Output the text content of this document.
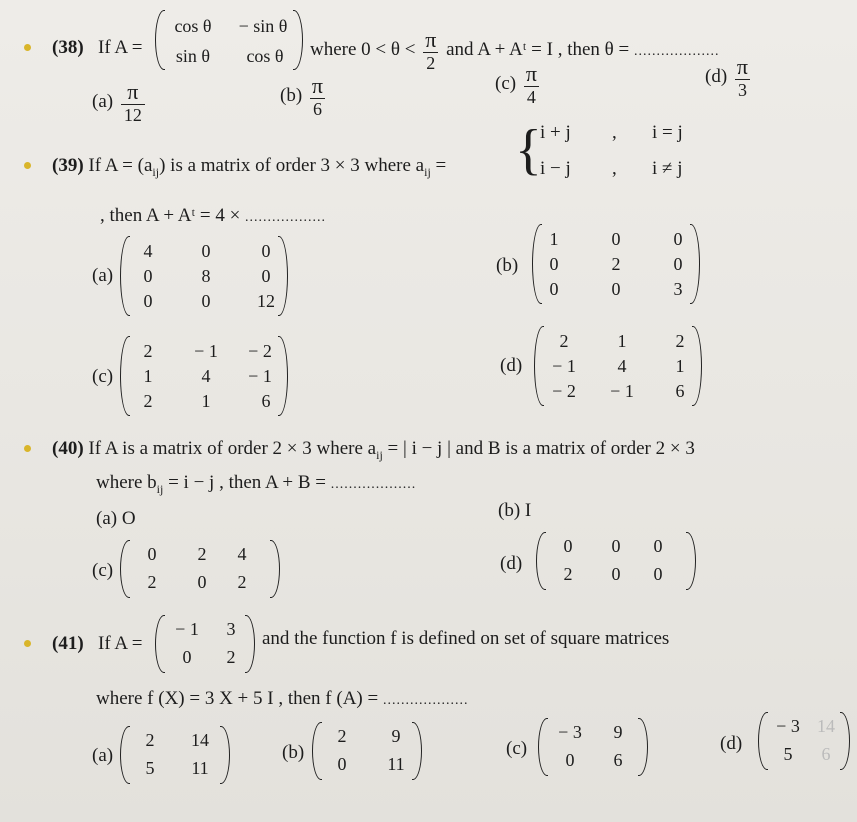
(38) If A =
cos θ	− sin θ
sin θ	cos θ	where $0 < \theta < \frac{\pi}{2}$ and A + Aᵗ = I , then θ = ...................
$(a) \frac{\pi}{12}$	$(b) \frac{\pi}{6}$	$(c) \frac{\pi}{4}$	$(d) \frac{\pi}{3}$
(39) If $A = (a_{ij})$ is a matrix of order 3 × 3 where $a_{ij}$ = {
i + j , i = j
i − j , i ≠ j
, then A + Aᵗ = 4 × ..................
(a)
4	0	0
0	8	0
0	0	12
(b)
1	0	0
0	2	0
0	0	3
(c)
2	− 1	− 2
1	4	− 1
2	1	6
(d)
2	1	2
− 1	4	1
− 2	− 1	6
(40) If A is a matrix of order 2 × 3 where $a_{ij}$ = | i − j | and B is a matrix of order 2 × 3
where $b_{ij} = i - j$ , then A + B = ...................
(a) O	(b) I
(c)
0	2	4
2	0	2
(d)
0	0	0
2	0	0
(41) If A =
− 1	3
0	2
and the function f is defined on set of square matrices
where f (X) = 3 X + 5 I , then f (A) = ...................
(a)
2	14
5	11
(b)
2	9
0	11
(c)
− 3	9
0	6
(d)
− 3 14
5	6
